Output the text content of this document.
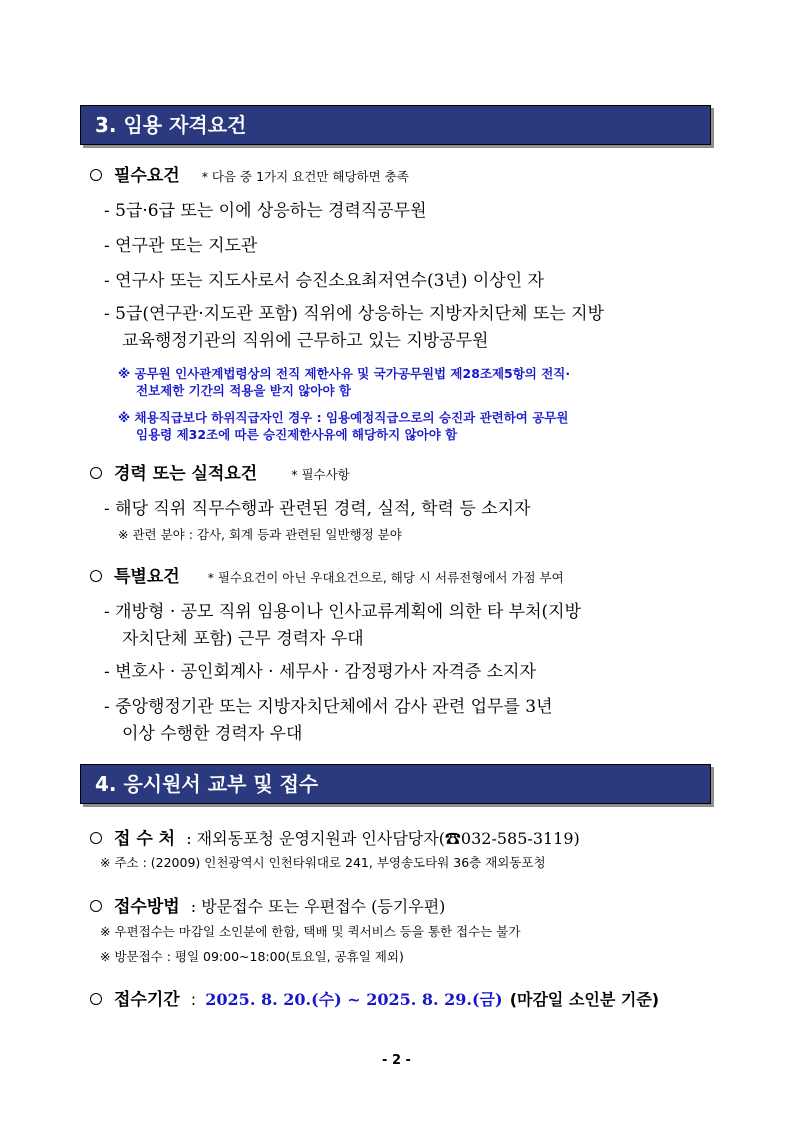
3. 임용 자격요건
필수요건 * 다음 중 1가지 요건만 해당하면 충족
- 5급·6급 또는 이에 상응하는 경력직공무원
- 연구관 또는 지도관
- 연구사 또는 지도사로서 승진소요최저연수(3년) 이상인 자
- 5급(연구관·지도관 포함) 직위에 상응하는 지방자치단체 또는 지방
교육행정기관의 직위에 근무하고 있는 지방공무원
※ 공무원 인사관계법령상의 전직 제한사유 및 국가공무원법 제28조제5항의 전직·
전보제한 기간의 적용을 받지 않아야 함
※ 채용직급보다 하위직급자인 경우 : 임용예정직급으로의 승진과 관련하여 공무원
임용령 제32조에 따른 승진제한사유에 해당하지 않아야 함
경력 또는 실적요건	* 필수사항
- 해당 직위 직무수행과 관련된 경력, 실적, 학력 등 소지자
※ 관련 분야 : 감사, 회계 등과 관련된 일반행정 분야
특별요건 * 필수요건이 아닌 우대요건으로, 해당 시 서류전형에서 가점 부여
- 개방형 · 공모 직위 임용이나 인사교류계획에 의한 타 부처(지방
자치단체 포함) 근무 경력자 우대
- 변호사 · 공인회계사 · 세무사 · 감정평가사 자격증 소지자
- 중앙행정기관 또는 지방자치단체에서 감사 관련 업무를 3년
이상 수행한 경력자 우대
4. 응시원서 교부 및 접수
접 수 처 : 재외동포청 운영지원과 인사담당자(☎032-585-3119)
※ 주소 : (22009) 인천광역시 인천타워대로 241, 부영송도타워 36층 재외동포청
접수방법 : 방문접수 또는 우편접수 (등기우편)
※ 우편접수는 마감일 소인분에 한함, 택배 및 퀵서비스 등을 통한 접수는 불가
※ 방문접수 : 평일 09:00~18:00(토요일, 공휴일 제외)
접수기간 : 2025. 8. 20.(수) ~ 2025. 8. 29.(금) (마감일 소인분 기준)
- 2 -
